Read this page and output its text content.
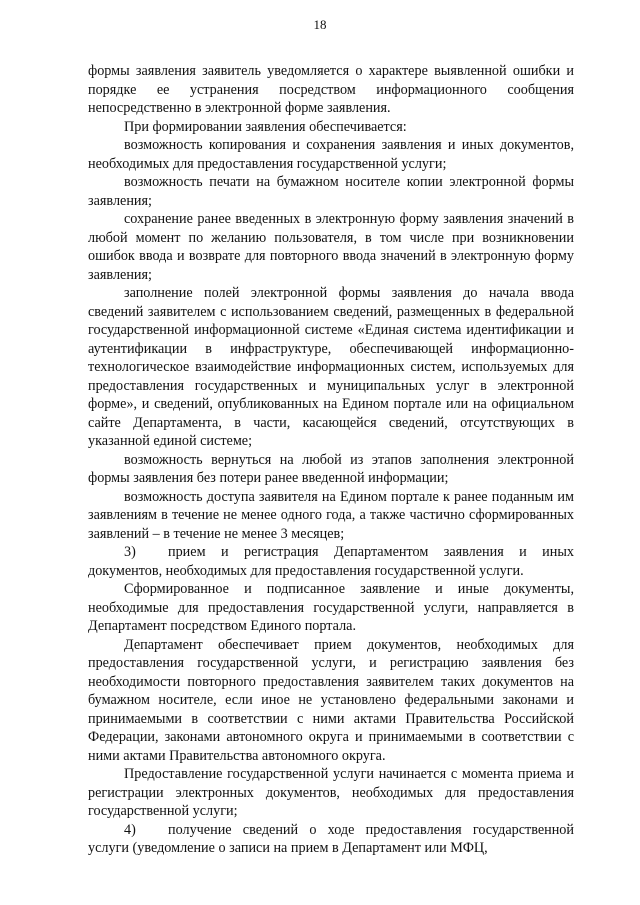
18

формы заявления заявитель уведомляется о характере выявленной ошибки и порядке ее устранения посредством информационного сообщения непосредственно в электронной форме заявления.

При формировании заявления обеспечивается:

возможность копирования и сохранения заявления и иных документов, необходимых для предоставления государственной услуги;

возможность печати на бумажном носителе копии электронной формы заявления;

сохранение ранее введенных в электронную форму заявления значений в любой момент по желанию пользователя, в том числе при возникновении ошибок ввода и возврате для повторного ввода значений в электронную форму заявления;

заполнение полей электронной формы заявления до начала ввода сведений заявителем с использованием сведений, размещенных в федеральной государственной информационной системе «Единая система идентификации и аутентификации в инфраструктуре, обеспечивающей информационно-технологическое взаимодействие информационных систем, используемых для предоставления государственных и муниципальных услуг в электронной форме», и сведений, опубликованных на Едином портале или на официальном сайте Департамента, в части, касающейся сведений, отсутствующих в указанной единой системе;

возможность вернуться на любой из этапов заполнения электронной формы заявления без потери ранее введенной информации;

возможность доступа заявителя на Едином портале к ранее поданным им заявлениям в течение не менее одного года, а также частично сформированных заявлений – в течение не менее 3 месяцев;

3) прием и регистрация Департаментом заявления и иных документов, необходимых для предоставления государственной услуги.

Сформированное и подписанное заявление и иные документы, необходимые для предоставления государственной услуги, направляется в Департамент посредством Единого портала.

Департамент обеспечивает прием документов, необходимых для предоставления государственной услуги, и регистрацию заявления без необходимости повторного предоставления заявителем таких документов на бумажном носителе, если иное не установлено федеральными законами и принимаемыми в соответствии с ними актами Правительства Российской Федерации, законами автономного округа и принимаемыми в соответствии с ними актами Правительства автономного округа.

Предоставление государственной услуги начинается с момента приема и регистрации электронных документов, необходимых для предоставления государственной услуги;

4) получение сведений о ходе предоставления государственной услуги (уведомление о записи на прием в Департамент или МФЦ,
